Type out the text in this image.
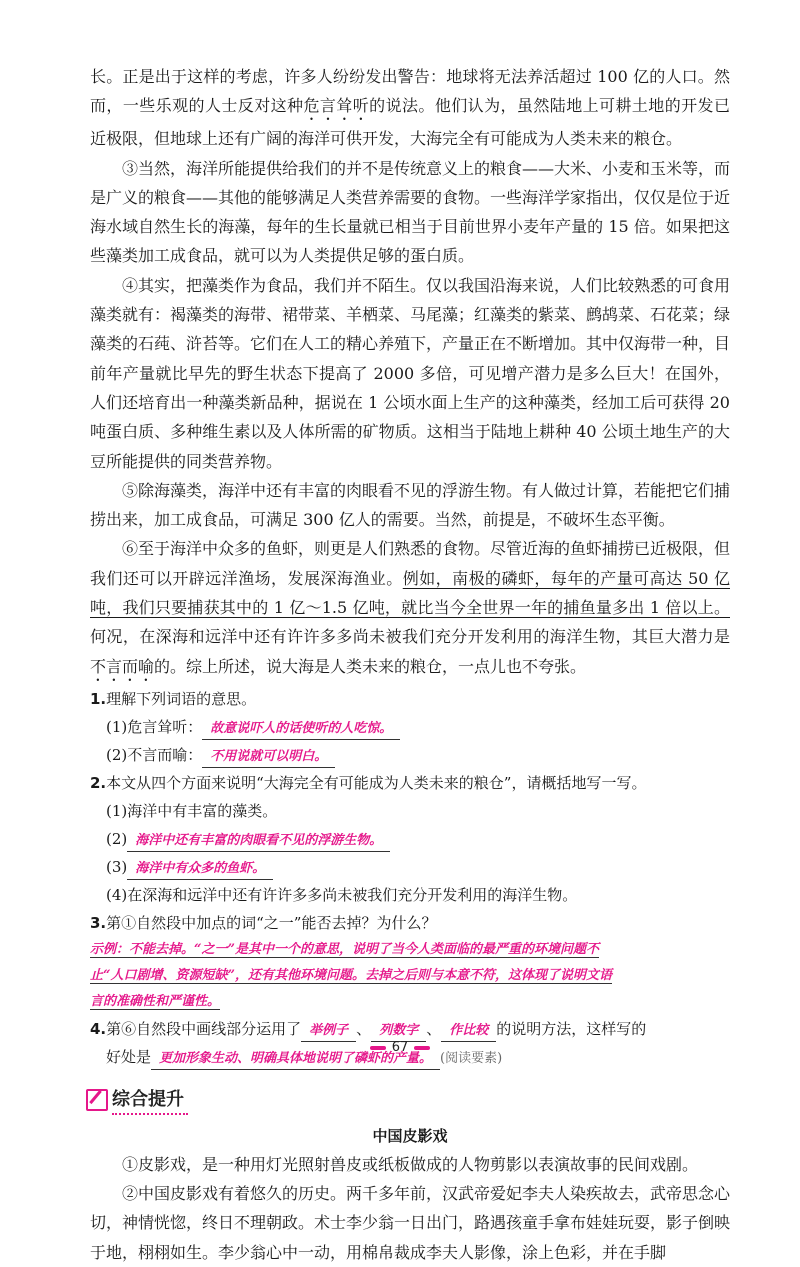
长。正是出于这样的考虑，许多人纷纷发出警告：地球将无法养活超过 100 亿的人口。然而，一些乐观的人士反对这种危言耸听的说法。他们认为，虽然陆地上可耕土地的开发已近极限，但地球上还有广阔的海洋可供开发，大海完全有可能成为人类未来的粮仓。

③当然，海洋所能提供给我们的并不是传统意义上的粮食——大米、小麦和玉米等，而是广义的粮食——其他的能够满足人类营养需要的食物。一些海洋学家指出，仅仅是位于近海水域自然生长的海藻，每年的生长量就已相当于目前世界小麦年产量的 15 倍。如果把这些藻类加工成食品，就可以为人类提供足够的蛋白质。

④其实，把藻类作为食品，我们并不陌生。仅以我国沿海来说，人们比较熟悉的可食用藻类就有：褐藻类的海带、裙带菜、羊栖菜、马尾藻；红藻类的紫菜、鹧鸪菜、石花菜；绿藻类的石莼、浒苔等。它们在人工的精心养殖下，产量正在不断增加。其中仅海带一种，目前年产量就比早先的野生状态下提高了 2000 多倍，可见增产潜力是多么巨大！在国外，人们还培育出一种藻类新品种，据说在 1 公顷水面上生产的这种藻类，经加工后可获得 20 吨蛋白质、多种维生素以及人体所需的矿物质。这相当于陆地上耕种 40 公顷土地生产的大豆所能提供的同类营养物。

⑤除海藻类，海洋中还有丰富的肉眼看不见的浮游生物。有人做过计算，若能把它们捕捞出来，加工成食品，可满足 300 亿人的需要。当然，前提是，不破坏生态平衡。

⑥至于海洋中众多的鱼虾，则更是人们熟悉的食物。尽管近海的鱼虾捕捞已近极限，但我们还可以开辟远洋渔场，发展深海渔业。例如，南极的磷虾，每年的产量可高达 50 亿吨，我们只要捕获其中的 1 亿～1.5 亿吨，就比当今全世界一年的捕鱼量多出 1 倍以上。何况，在深海和远洋中还有许许多多尚未被我们充分开发利用的海洋生物，其巨大潜力是不言而喻的。综上所述，说大海是人类未来的粮仓，一点儿也不夸张。

1.理解下列词语的意思。

(1)危言耸听： 故意说吓人的话使听的人吃惊。

(2)不言而喻： 不用说就可以明白。

2.本文从四个方面来说明“大海完全有可能成为人类未来的粮仓”，请概括地写一写。

(1)海洋中有丰富的藻类。

(2) 海洋中还有丰富的肉眼看不见的浮游生物。

(3) 海洋中有众多的鱼虾。

(4)在深海和远洋中还有许许多多尚未被我们充分开发利用的海洋生物。

3.第①自然段中加点的词“之一”能否去掉？为什么？

示例：不能去掉。“之一”是其中一个的意思，说明了当今人类面临的最严重的环境问题不
止“人口剧增、资源短缺”，还有其他环境问题。去掉之后则与本意不符，这体现了说明文语
言的准确性和严谨性。

4.第⑥自然段中画线部分运用了 举例子 、 列数字 、 作比较 的说明方法，这样写的

好处是 更加形象生动、明确具体地说明了磷虾的产量。 (阅读要素)

综合提升
中国皮影戏

①皮影戏，是一种用灯光照射兽皮或纸板做成的人物剪影以表演故事的民间戏剧。

②中国皮影戏有着悠久的历史。两千多年前，汉武帝爱妃李夫人染疾故去，武帝思念心切，神情恍惚，终日不理朝政。术士李少翁一日出门，路遇孩童手拿布娃娃玩耍，影子倒映于地，栩栩如生。李少翁心中一动，用棉帛裁成李夫人影像，涂上色彩，并在手脚

67
